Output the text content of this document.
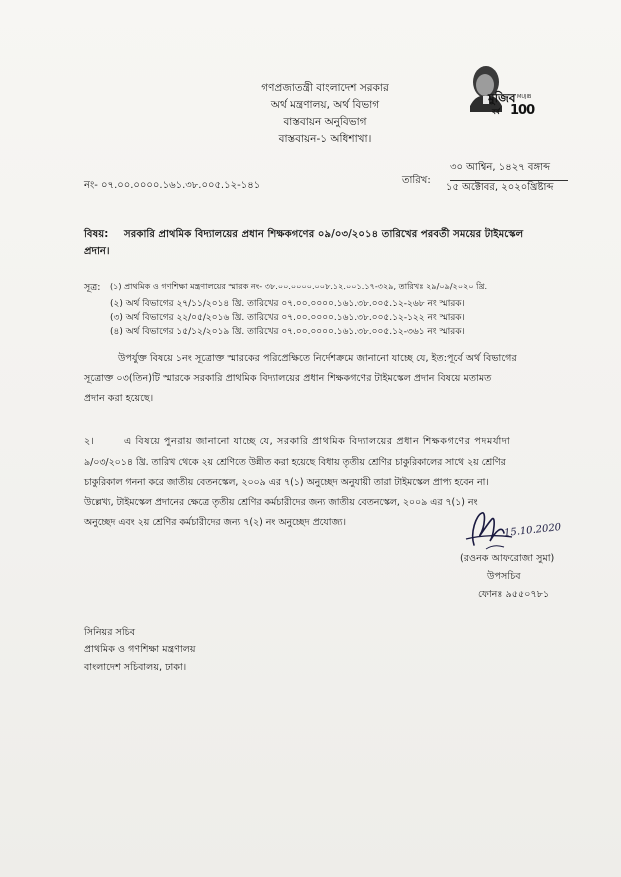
গণপ্রজাতন্ত্রী বাংলাদেশ সরকার
অর্থ মন্ত্রণালয়, অর্থ বিভাগ
বাস্তবায়ন অনুবিভাগ
বাস্তবায়ন-১ অধিশাখা।
মুজিব MUJIB
বর্ষ 100
নং- ০৭.০০.০০০০.১৬১.৩৮.০০৫.১২-১৪১	তারিখ:
৩০ আশ্বিন, ১৪২৭ বঙ্গাব্দ
১৫ অক্টোবর, ২০২০খ্রিষ্টাব্দ
বিষয়: সরকারি প্রাথমিক বিদ্যালয়ের প্রধান শিক্ষকগণের ০৯/০৩/২০১৪ তারিখের পরবর্তী সময়ের টাইমস্কেল
প্রদান।
সূত্র: (১) প্রাথমিক ও গণশিক্ষা মন্ত্রণালয়ের স্মারক নং- ৩৮.০০.০০০০.০০৮.১২.০০১.১৭-৩২৯, তারিখঃ ২৯/০৯/২০২০ খ্রি.
(২) অর্থ বিভাগের ২৭/১১/২০১৪ খ্রি. তারিখের ০৭.০০.০০০০.১৬১.৩৮.০০৫.১২-২৬৮ নং স্মারক।
(৩) অর্থ বিভাগের ২২/০৫/২০১৬ খ্রি. তারিখের ০৭.০০.০০০০.১৬১.৩৮.০০৫.১২-১২২ নং স্মারক।
(৪) অর্থ বিভাগের ১৫/১২/২০১৯ খ্রি. তারিখের ০৭.০০.০০০০.১৬১.৩৮.০০৫.১২-৩৬১ নং স্মারক।
উপর্যুক্ত বিষয়ে ১নং সূত্রোক্ত স্মারকের পরিপ্রেক্ষিতে নির্দেশক্রমে জানানো যাচ্ছে যে, ইত:পূর্বে অর্থ বিভাগের
সূত্রোক্ত ০৩(তিন)টি স্মারকে সরকারি প্রাথমিক বিদ্যালয়ের প্রধান শিক্ষকগণের টাইমস্কেল প্রদান বিষয়ে মতামত
প্রদান করা হয়েছে।
২।	এ বিষয়ে পুনরায় জানানো যাচ্ছে যে, সরকারি প্রাথমিক বিদ্যালয়ের প্রধান শিক্ষকগণের পদমর্যাদা
৯/০৩/২০১৪ খ্রি. তারিখ থেকে ২য় শ্রেণিতে উন্নীত করা হয়েছে বিধায় তৃতীয় শ্রেণির চাকুরিকালের সাথে ২য় শ্রেণির
চাকুরিকাল গননা করে জাতীয় বেতনস্কেল, ২০০৯ এর ৭(১) অনুচ্ছেদ অনুযায়ী তারা টাইমস্কেল প্রাপ্য হবেন না।
উল্লেখ্য, টাইমস্কেল প্রদানের ক্ষেত্রে তৃতীয় শ্রেণির কর্মচারীদের জন্য জাতীয় বেতনস্কেল, ২০০৯ এর ৭(১) নং
অনুচ্ছেদ এবং ২য় শ্রেণির কর্মচারীদের জন্য ৭(২) নং অনুচ্ছেদ প্রযোজ্য।	15.10.2020
(রওনক আফরোজা সুমা)
উপসচিব
ফোনঃ ৯৫৫০৭৮১
সিনিয়র সচিব
প্রাথমিক ও গণশিক্ষা মন্ত্রণালয়
বাংলাদেশ সচিবালয়, ঢাকা।
